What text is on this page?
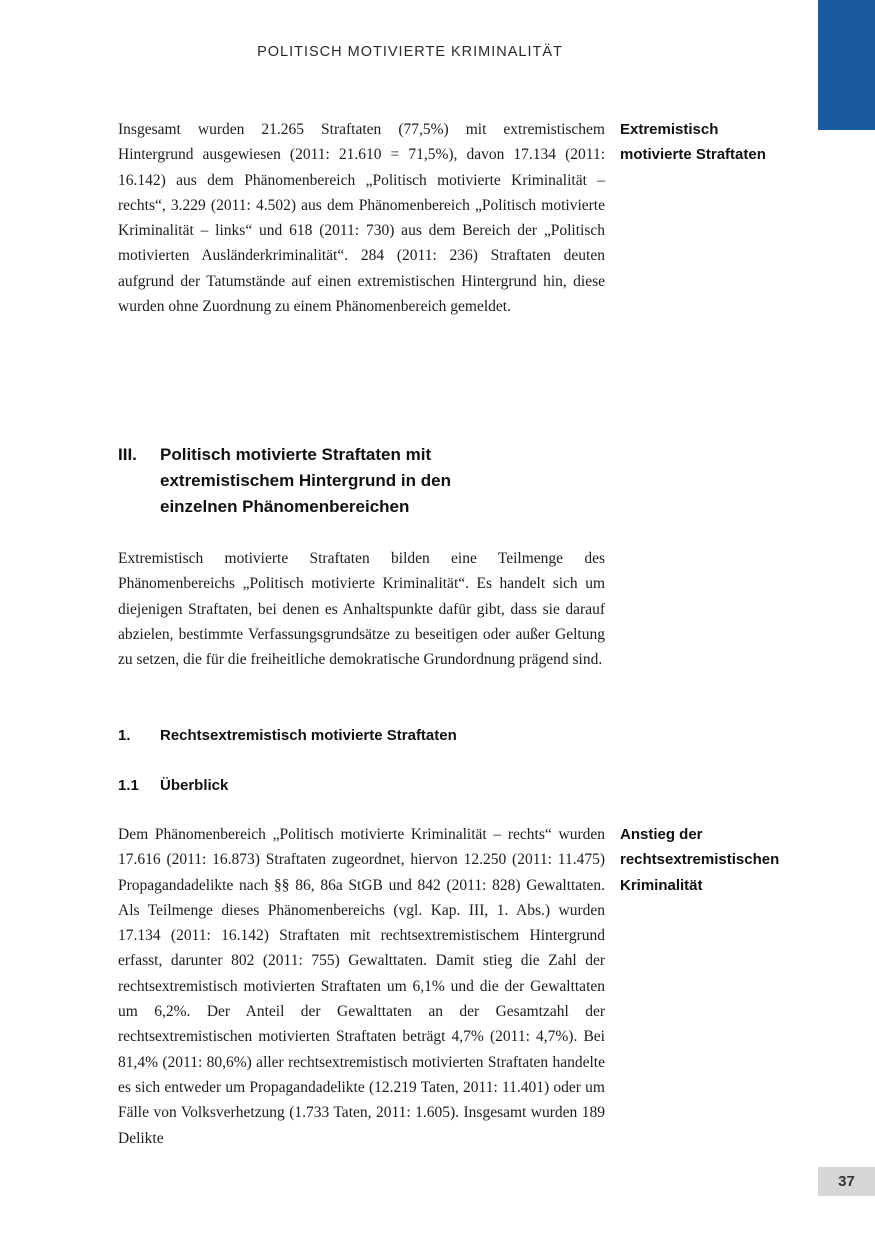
POLITISCH MOTIVIERTE KRIMINALITÄT

Insgesamt wurden 21.265 Straftaten (77,5%) mit extremistischem Hintergrund ausgewiesen (2011: 21.610 = 71,5%), davon 17.134 (2011: 16.142) aus dem Phänomenbereich „Politisch motivierte Kriminalität – rechts“, 3.229 (2011: 4.502) aus dem Phänomenbereich „Politisch motivierte Kriminalität – links“ und 618 (2011: 730) aus dem Bereich der „Politisch motivierten Ausländerkriminalität“. 284 (2011: 236) Straftaten deuten aufgrund der Tatumstände auf einen extremistischen Hintergrund hin, diese wurden ohne Zuordnung zu einem Phänomenbereich gemeldet.

Extremistisch motivierte Straftaten
III.	Politisch motivierte Straftaten mit extremistischem Hintergrund in den einzelnen Phänomenbereichen

Extremistisch motivierte Straftaten bilden eine Teilmenge des Phänomenbereichs „Politisch motivierte Kriminalität“. Es handelt sich um diejenigen Straftaten, bei denen es Anhaltspunkte dafür gibt, dass sie darauf abzielen, bestimmte Verfassungsgrundsätze zu beseitigen oder außer Geltung zu setzen, die für die freiheitliche demokratische Grundordnung prägend sind.

1.	Rechtsextremistisch motivierte Straftaten
1.1	Überblick

Dem Phänomenbereich „Politisch motivierte Kriminalität – rechts“ wurden 17.616 (2011: 16.873) Straftaten zugeordnet, hiervon 12.250 (2011: 11.475) Propagandadelikte nach §§ 86, 86a StGB und 842 (2011: 828) Gewalttaten. Als Teilmenge dieses Phänomenbereichs (vgl. Kap. III, 1. Abs.) wurden 17.134 (2011: 16.142) Straftaten mit rechtsextremistischem Hintergrund erfasst, darunter 802 (2011: 755) Gewalttaten. Damit stieg die Zahl der rechtsextremistisch motivierten Straftaten um 6,1% und die der Gewalttaten um 6,2%. Der Anteil der Gewalttaten an der Gesamtzahl der rechtsextremistischen motivierten Straftaten beträgt 4,7% (2011: 4,7%). Bei 81,4% (2011: 80,6%) aller rechtsextremistisch motivierten Straftaten handelte es sich entweder um Propagandadelikte (12.219 Taten, 2011: 11.401) oder um Fälle von Volksverhetzung (1.733 Taten, 2011: 1.605). Insgesamt wurden 189 Delikte

Anstieg der rechtsextremistischen Kriminalität
37
